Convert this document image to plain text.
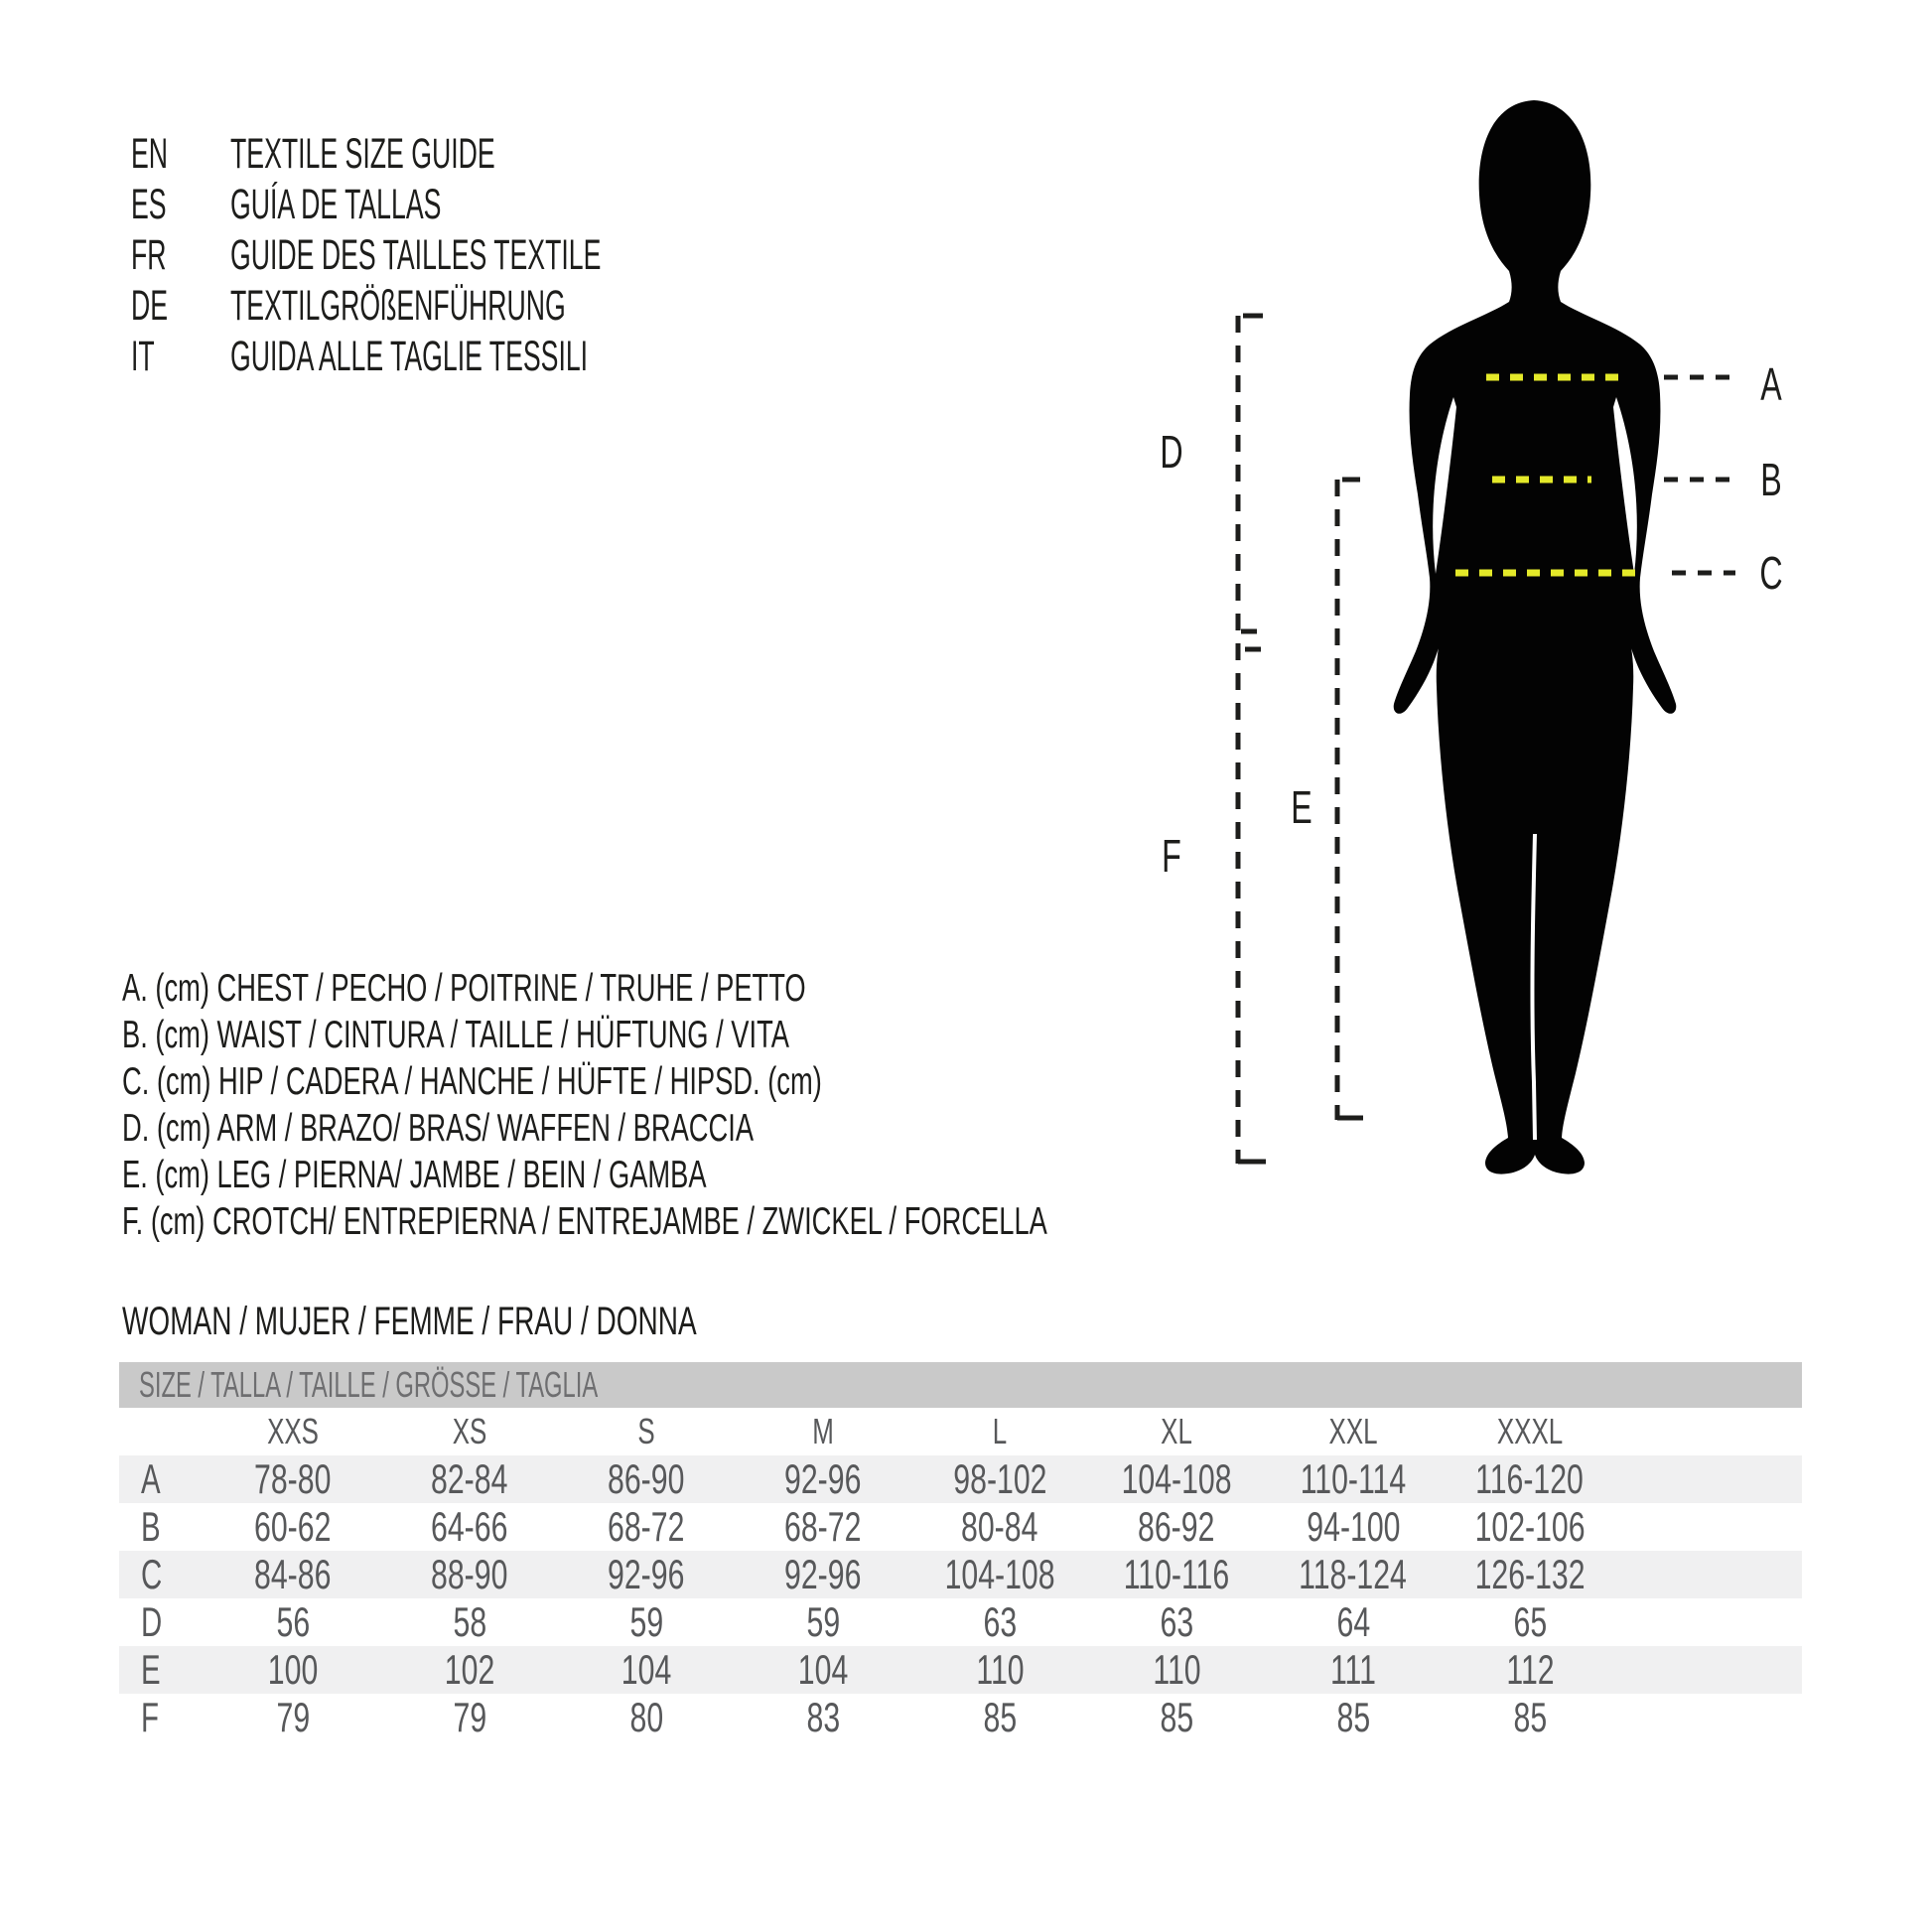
EN	TEXTILE SIZE GUIDE
ES	GUÍA DE TALLAS
FR	GUIDE DES TAILLES TEXTILE
DE	TEXTILGRÖßENFÜHRUNG
IT	GUIDA ALLE TAGLIE TESSILI
A
B
C
D
E
F
A. (cm) CHEST / PECHO / POITRINE / TRUHE / PETTO
B. (cm) WAIST / CINTURA / TAILLE / HÜFTUNG / VITA
C. (cm) HIP / CADERA / HANCHE / HÜFTE / HIPSD. (cm)
D. (cm) ARM / BRAZO/ BRAS/ WAFFEN / BRACCIA
E. (cm) LEG / PIERNA/ JAMBE / BEIN / GAMBA
F. (cm) CROTCH/ ENTREPIERNA / ENTREJAMBE / ZWICKEL / FORCELLA
WOMAN / MUJER / FEMME / FRAU / DONNA
SIZE / TALLA / TAILLE / GRÖSSE / TAGLIA
XXS	XS	S	M	L	XL	XXL	XXXL
A	78-80 82-84 86-90 92-96 98-102 104-108 110-114 116-120
B	60-62 64-66 68-72 68-72 80-84 86-92 94-100 102-106
C	84-86 88-90 92-96 92-96 104-108 110-116 118-124 126-132
D	56	58	59	59	63	63	64	65
E	100	102	104	104	110	110	111	112
F	79	79	80	83	85	85	85	85
